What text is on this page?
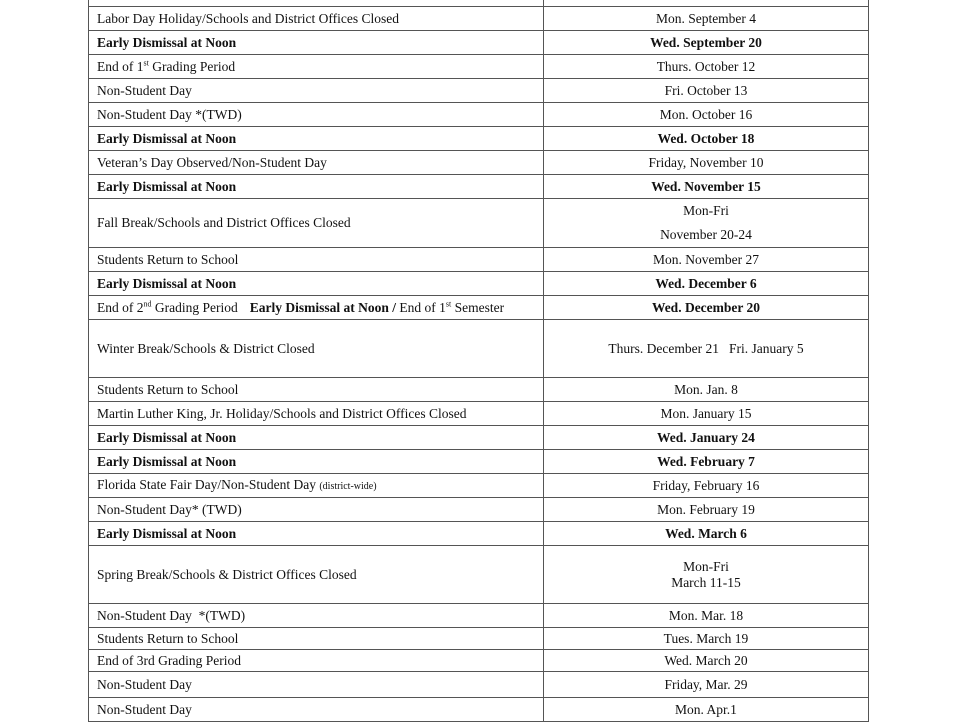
Labor Day Holiday/Schools and District Offices Closed	Mon. September 4
Early Dismissal at Noon	Wed. September 20
End of 1st Grading Period	Thurs. October 12
Non-Student Day	Fri. October 13
Non-Student Day *(TWD)	Mon. October 16
Early Dismissal at Noon	Wed. October 18
Veteran’s Day Observed/Non-Student Day	Friday, November 10
Early Dismissal at Noon	Wed. November 15
Fall Break/Schools and District Offices Closed	Mon-Fri
November 20-24

Students Return to School	Mon. November 27
Early Dismissal at Noon	Wed. December 6
End of 2nd Grading Period Early Dismissal at Noon / End of 1st Semester	Wed. December 20
Winter Break/Schools & District Closed	Thurs. December 21 Fri. January 5
Students Return to School	Mon. Jan. 8
Martin Luther King, Jr. Holiday/Schools and District Offices Closed	Mon. January 15
Early Dismissal at Noon	Wed. January 24
Early Dismissal at Noon	Wed. February 7
Florida State Fair Day/Non-Student Day (district-wide)	Friday, February 16
Non-Student Day* (TWD)	Mon. February 19
Early Dismissal at Noon	Wed. March 6
Spring Break/Schools & District Offices Closed	Mon-Fri
March 11-15

Non-Student Day  *(TWD)	Mon. Mar. 18
Students Return to School	Tues. March 19
End of 3rd Grading Period	Wed. March 20
Non-Student Day	Friday, Mar. 29
Non-Student Day	Mon. Apr.1
